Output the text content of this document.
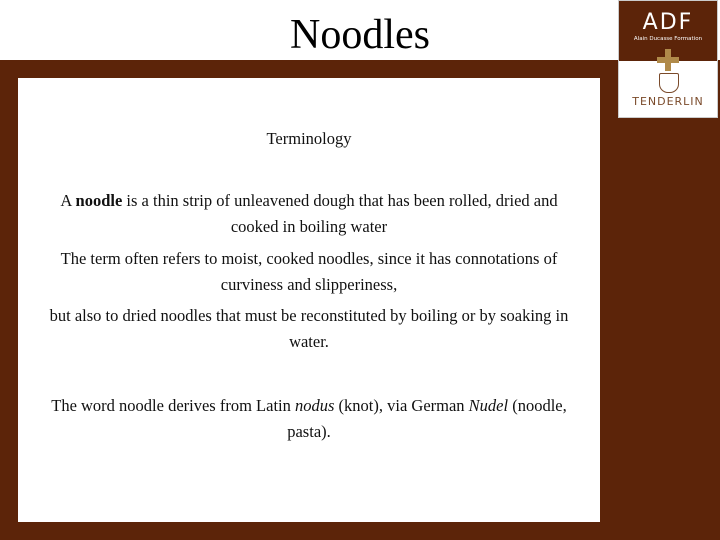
Noodles	ADF
Alain Ducasse Formation
TENDERLIN

Terminology

A noodle is a thin strip of unleavened dough that has been rolled, dried and cooked in boiling water

The term often refers to moist, cooked noodles, since it has connotations of curviness and slipperiness,

but also to dried noodles that must be reconstituted by boiling or by soaking in water.

The word noodle derives from Latin nodus (knot), via German Nudel (noodle, pasta).
